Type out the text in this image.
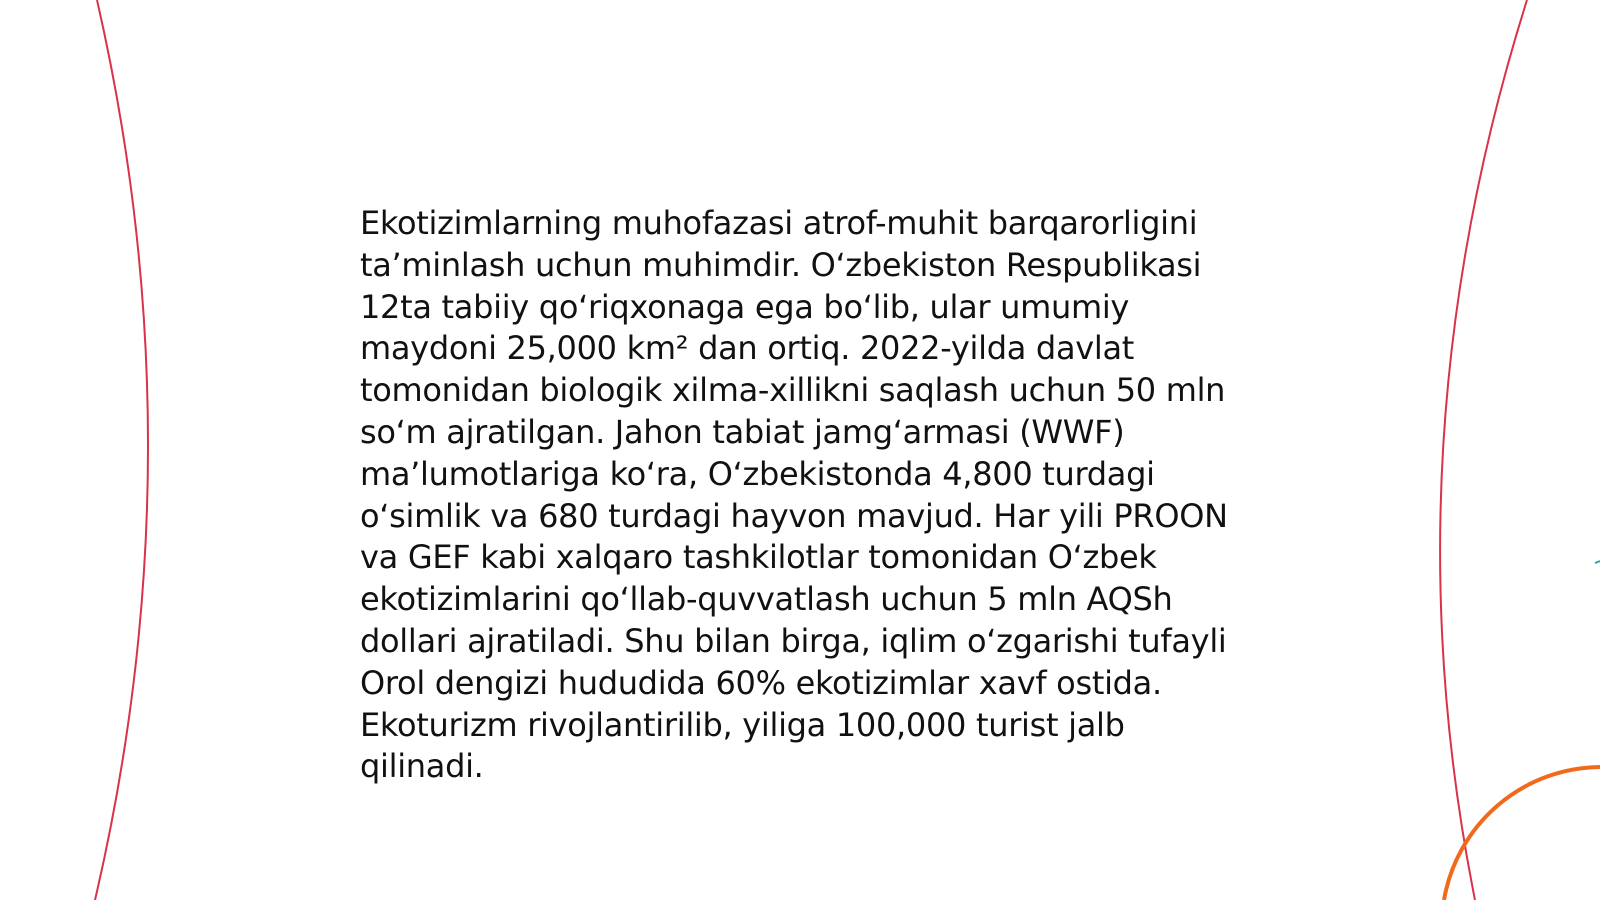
Ekotizimlarning muhofazasi atrof-muhit barqarorligini ta’minlash uchun muhimdir. O‘zbekiston Respublikasi 12ta tabiiy qo‘riqxonaga ega bo‘lib, ular umumiy maydoni 25,000 km² dan ortiq. 2022-yilda davlat tomonidan biologik xilma-xillikni saqlash uchun 50 mln so‘m ajratilgan. Jahon tabiat jamg‘armasi (WWF) ma’lumotlariga ko‘ra, O‘zbekistonda 4,800 turdagi o‘simlik va 680 turdagi hayvon mavjud. Har yili PROON va GEF kabi xalqaro tashkilotlar tomonidan O‘zbek ekotizimlarini qo‘llab-quvvatlash uchun 5 mln AQSh dollari ajratiladi. Shu bilan birga, iqlim o‘zgarishi tufayli Orol dengizi hududida 60% ekotizimlar xavf ostida. Ekoturizm rivojlantirilib, yiliga 100,000 turist jalb qilinadi.
